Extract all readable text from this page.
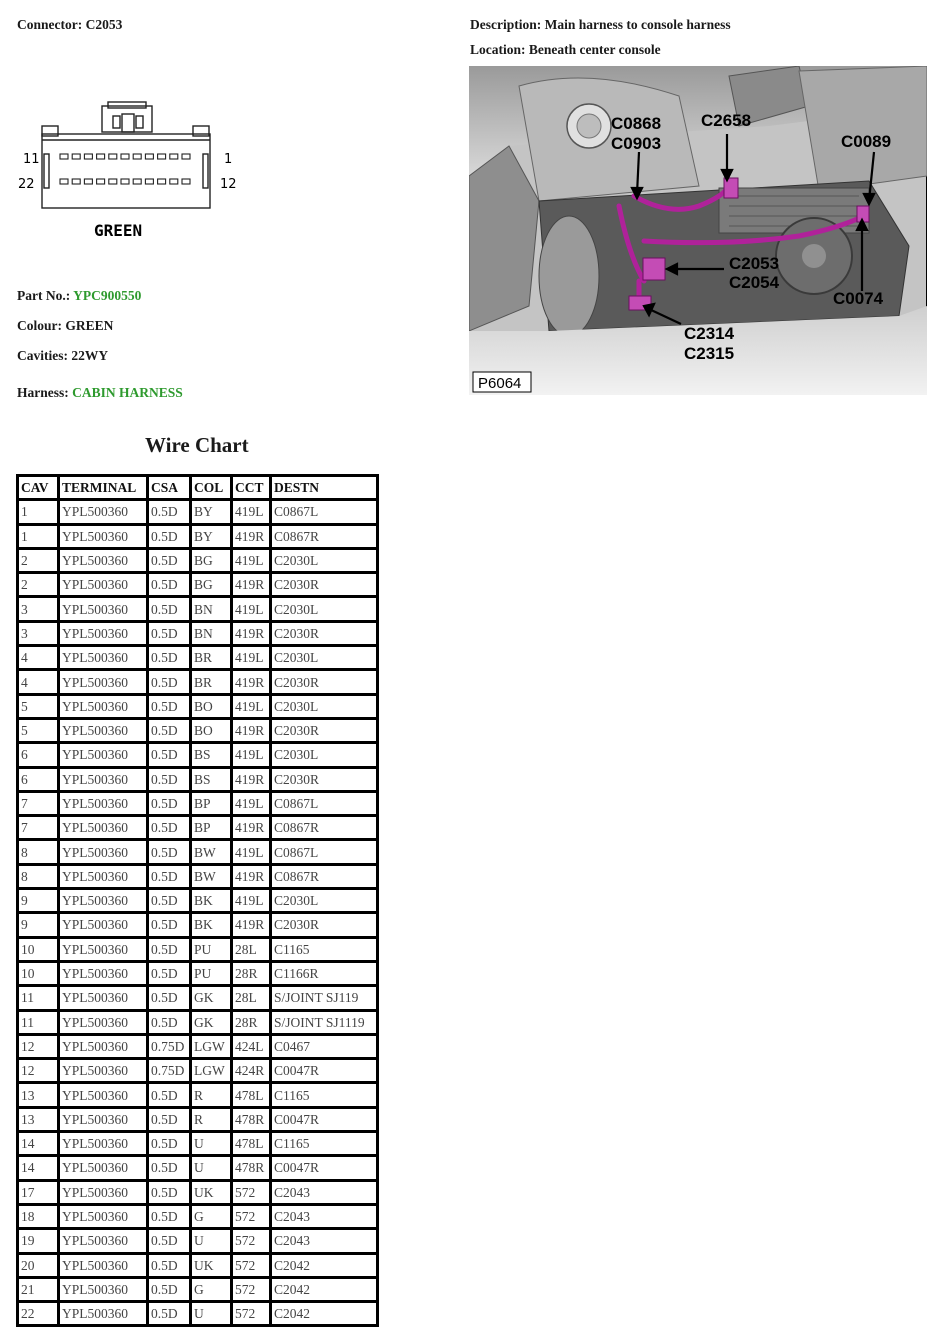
Connector: C2053	Description: Main harness to console harness
Location: Beneath center console
11	1
22	12
GREEN
Part No.: YPC900550
Colour: GREEN
Cavities: 22WY
Harness: CABIN HARNESS
C0868
C0903
C2658
C0089
C2053
C2054
C0074
C2314
C2315
P6064
Wire Chart
CAV	TERMINAL	CSA	COL	CCT	DESTN
1	YPL500360	0.5D	BY	419L	C0867L
1	YPL500360	0.5D	BY	419R	C0867R
2	YPL500360	0.5D	BG	419L	C2030L
2	YPL500360	0.5D	BG	419R	C2030R
3	YPL500360	0.5D	BN	419L	C2030L
3	YPL500360	0.5D	BN	419R	C2030R
4	YPL500360	0.5D	BR	419L	C2030L
4	YPL500360	0.5D	BR	419R	C2030R
5	YPL500360	0.5D	BO	419L	C2030L
5	YPL500360	0.5D	BO	419R	C2030R
6	YPL500360	0.5D	BS	419L	C2030L
6	YPL500360	0.5D	BS	419R	C2030R
7	YPL500360	0.5D	BP	419L	C0867L
7	YPL500360	0.5D	BP	419R	C0867R
8	YPL500360	0.5D	BW	419L	C0867L
8	YPL500360	0.5D	BW	419R	C0867R
9	YPL500360	0.5D	BK	419L	C2030L
9	YPL500360	0.5D	BK	419R	C2030R
10	YPL500360	0.5D	PU	28L	C1165
10	YPL500360	0.5D	PU	28R	C1166R
11	YPL500360	0.5D	GK	28L	S/JOINT SJ119
11	YPL500360	0.5D	GK	28R	S/JOINT SJ1119
12	YPL500360	0.75D	LGW	424L	C0467
12	YPL500360	0.75D	LGW	424R	C0047R
13	YPL500360	0.5D	R	478L	C1165
13	YPL500360	0.5D	R	478R	C0047R
14	YPL500360	0.5D	U	478L	C1165
14	YPL500360	0.5D	U	478R	C0047R
17	YPL500360	0.5D	UK	572	C2043
18	YPL500360	0.5D	G	572	C2043
19	YPL500360	0.5D	U	572	C2043
20	YPL500360	0.5D	UK	572	C2042
21	YPL500360	0.5D	G	572	C2042
22	YPL500360	0.5D	U	572	C2042
